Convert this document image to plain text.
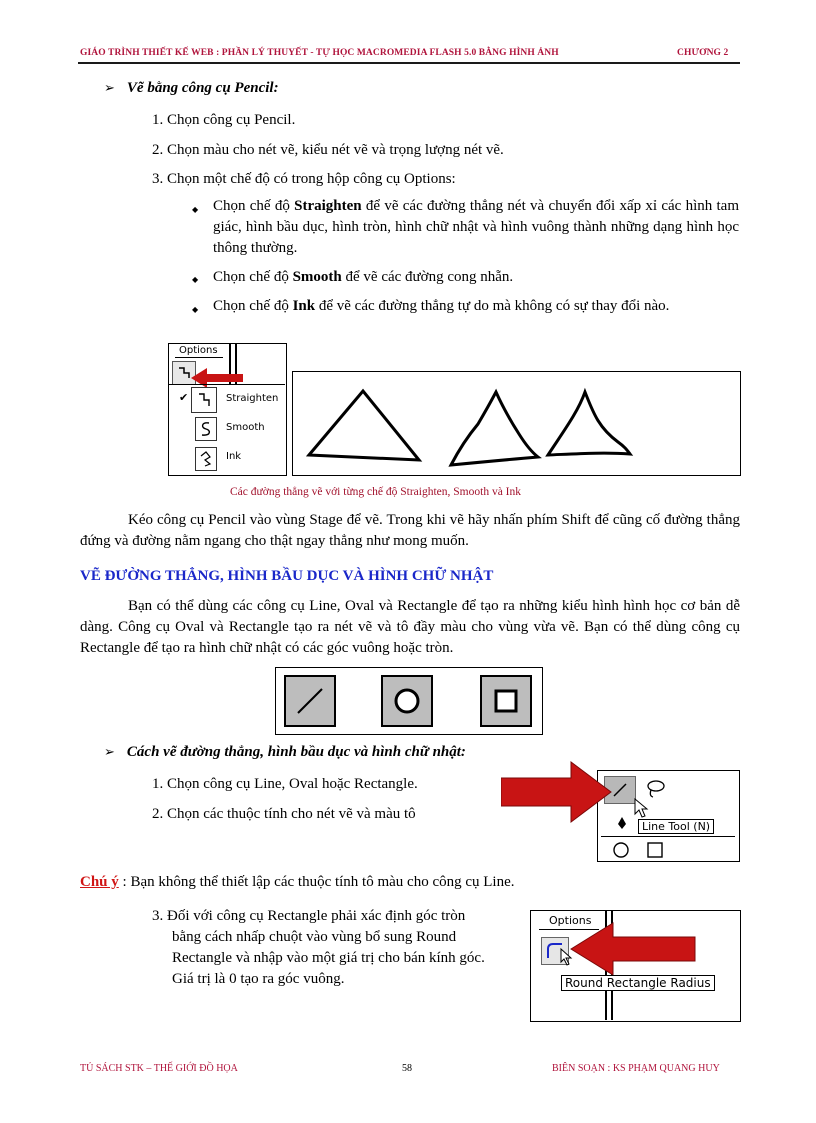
GIÁO TRÌNH THIẾT KẾ WEB : PHẦN LÝ THUYẾT - TỰ HỌC MACROMEDIA FLASH 5.0 BẰNG HÌNH ẢNH	CHƯƠNG 2
➢ Vẽ bằng công cụ Pencil:
1. Chọn công cụ Pencil.
2. Chọn màu cho nét vẽ, kiểu nét vẽ và trọng lượng nét vẽ.
3. Chọn một chế độ có trong hộp công cụ Options:
◆ Chọn chế độ Straighten để vẽ các đường thẳng nét và chuyển đổi xấp xỉ các hình tam giác, hình bầu dục, hình tròn, hình chữ nhật và hình vuông thành những dạng hình học thông thường.
◆ Chọn chế độ Smooth để vẽ các đường cong nhẵn.
◆ Chọn chế độ Ink để vẽ các đường thẳng tự do mà không có sự thay đổi nào.
Options
✔	Straighten
Smooth
Ink
Các đường thẳng vẽ với từng chế độ Straighten, Smooth và Ink
Kéo công cụ Pencil vào vùng Stage để vẽ. Trong khi vẽ hãy nhấn phím Shift để cũng cố đường thẳng đứng và đường nằm ngang cho thật ngay thẳng như mong muốn.
VẼ ĐƯỜNG THẲNG, HÌNH BẦU DỤC VÀ HÌNH CHỮ NHẬT
Bạn có thể dùng các công cụ Line, Oval và Rectangle để tạo ra những kiểu hình hình học cơ bản dễ dàng. Công cụ Oval và Rectangle tạo ra nét vẽ và tô đầy màu cho vùng vừa vẽ. Bạn có thể dùng công cụ Rectangle để tạo ra hình chữ nhật có các góc vuông hoặc tròn.
➢ Cách vẽ đường thẳng, hình bầu dục và hình chữ nhật:
1. Chọn công cụ Line, Oval hoặc Rectangle.
2. Chọn các thuộc tính cho nét vẽ và màu tô
Line Tool (N)
Chú ý : Bạn không thể thiết lập các thuộc tính tô màu cho công cụ Line.
3. Đối với công cụ Rectangle phải xác định góc tròn bằng cách nhấp chuột vào vùng bổ sung Round Rectangle và nhập vào một giá trị cho bán kính góc. Giá trị là 0 tạo ra góc vuông.
Options
Round Rectangle Radius
TỦ SÁCH STK – THẾ GIỚI ĐỒ HỌA	58	BIÊN SOẠN : KS PHẠM QUANG HUY
